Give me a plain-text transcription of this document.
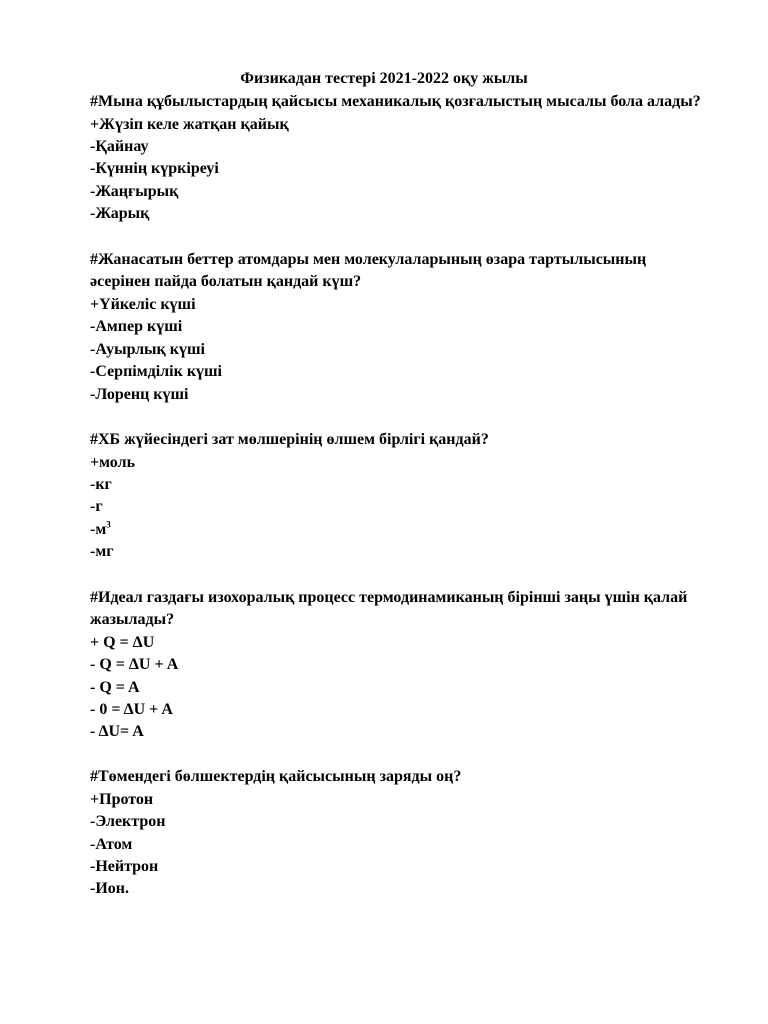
Физикадан тестері 2021-2022 оқу жылы
#Мына құбылыстардың қайсысы механикалық қозғалыстың мысалы бола алады?
+Жүзіп келе жатқан қайық
-Қайнау
-Күннің күркіреуі
-Жаңғырық
-Жарық
#Жанасатын беттер атомдары мен молекулаларының өзара тартылысының
әсерінен пайда болатын қандай күш?
+Үйкеліс күші
-Ампер күші
-Ауырлық күші
-Серпімділік күші
-Лоренц күші
#ХБ жүйесіндегі зат мөлшерінің өлшем бірлігі қандай?
+моль
-кг
-г
$-м^3$
-мг
#Идеал газдағы изохоралық процесс термодинамиканың бірінші заңы үшін қалай
жазылады?
+ Q = ΔU
- Q = ΔU + A
- Q = A
- 0 = ΔU + A
- ΔU= A
#Төмендегі бөлшектердің қайсысының заряды оң?
+Протон
-Электрон
-Атом
-Нейтрон
-Ион.
